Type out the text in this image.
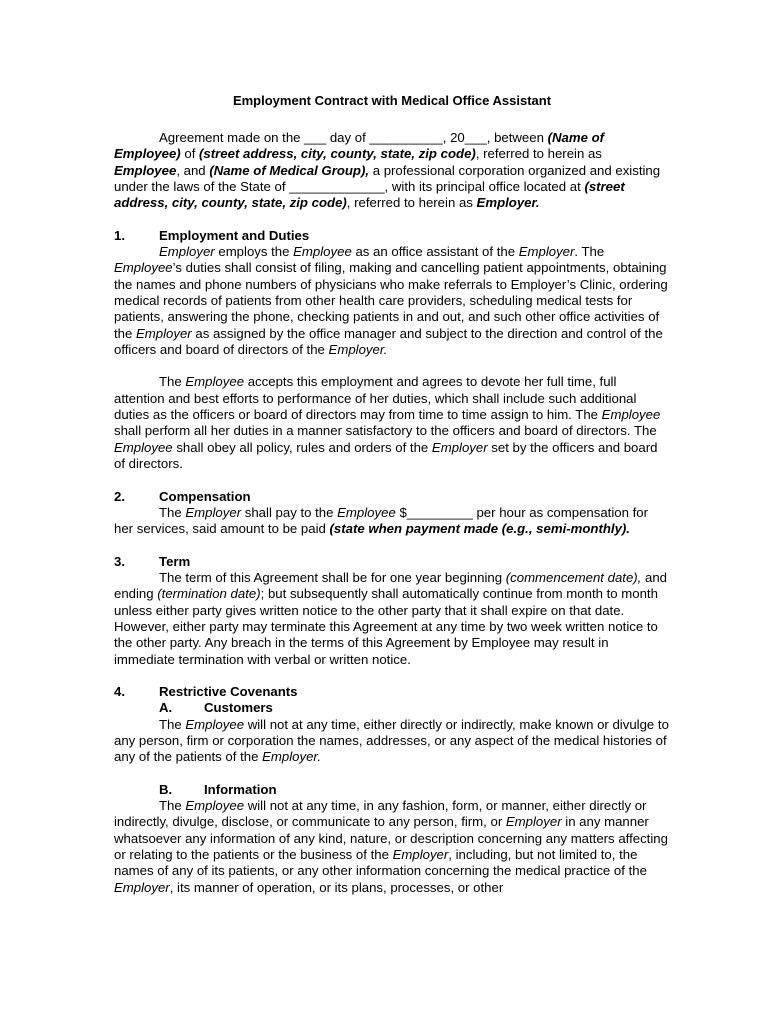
Employment Contract with Medical Office Assistant

Agreement made on the ___ day of __________, 20___, between (Name of Employee) of (street address, city, county, state, zip code), referred to herein as Employee, and (Name of Medical Group), a professional corporation organized and existing under the laws of the State of _____________, with its principal office located at (street address, city, county, state, zip code), referred to herein as Employer.

1.	Employment and Duties

Employer employs the Employee as an office assistant of the Employer. The Employee’s duties shall consist of filing, making and cancelling patient appointments, obtaining the names and phone numbers of physicians who make referrals to Employer’s Clinic, ordering medical records of patients from other health care providers, scheduling medical tests for patients, answering the phone, checking patients in and out, and such other office activities of the Employer as assigned by the office manager and subject to the direction and control of the officers and board of directors of the Employer.

The Employee accepts this employment and agrees to devote her full time, full attention and best efforts to performance of her duties, which shall include such additional duties as the officers or board of directors may from time to time assign to him. The Employee shall perform all her duties in a manner satisfactory to the officers and board of directors. The Employee shall obey all policy, rules and orders of the Employer set by the officers and board of directors.

2.	Compensation

The Employer shall pay to the Employee $_________ per hour as compensation for her services, said amount to be paid (state when payment made (e.g., semi-monthly).

3.	Term

The term of this Agreement shall be for one year beginning (commencement date), and ending (termination date); but subsequently shall automatically continue from month to month unless either party gives written notice to the other party that it shall expire on that date. However, either party may terminate this Agreement at any time by two week written notice to the other party. Any breach in the terms of this Agreement by Employee may result in immediate termination with verbal or written notice.

4.	Restrictive Covenants
A. Customers

The Employee will not at any time, either directly or indirectly, make known or divulge to any person, firm or corporation the names, addresses, or any aspect of the medical histories of any of the patients of the Employer.

B. Information

The Employee will not at any time, in any fashion, form, or manner, either directly or indirectly, divulge, disclose, or communicate to any person, firm, or Employer in any manner whatsoever any information of any kind, nature, or description concerning any matters affecting or relating to the patients or the business of the Employer, including, but not limited to, the names of any of its patients, or any other information concerning the medical practice of the Employer, its manner of operation, or its plans, processes, or other
